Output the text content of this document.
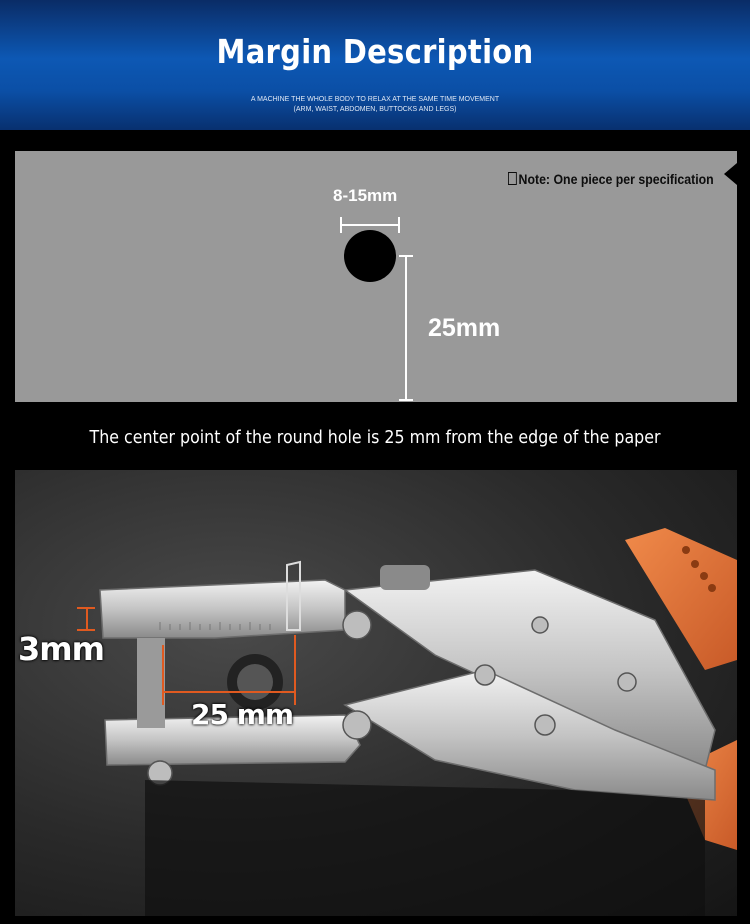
Margin Description
A MACHINE THE WHOLE BODY TO RELAX AT THE SAME TIME MOVEMENT
(ARM, WAIST, ABDOMEN, BUTTOCKS AND LEGS)
Note: One piece per specification
8-15mm
25mm
The center point of the round hole is 25 mm from the edge of the paper
3mm
25 mm
